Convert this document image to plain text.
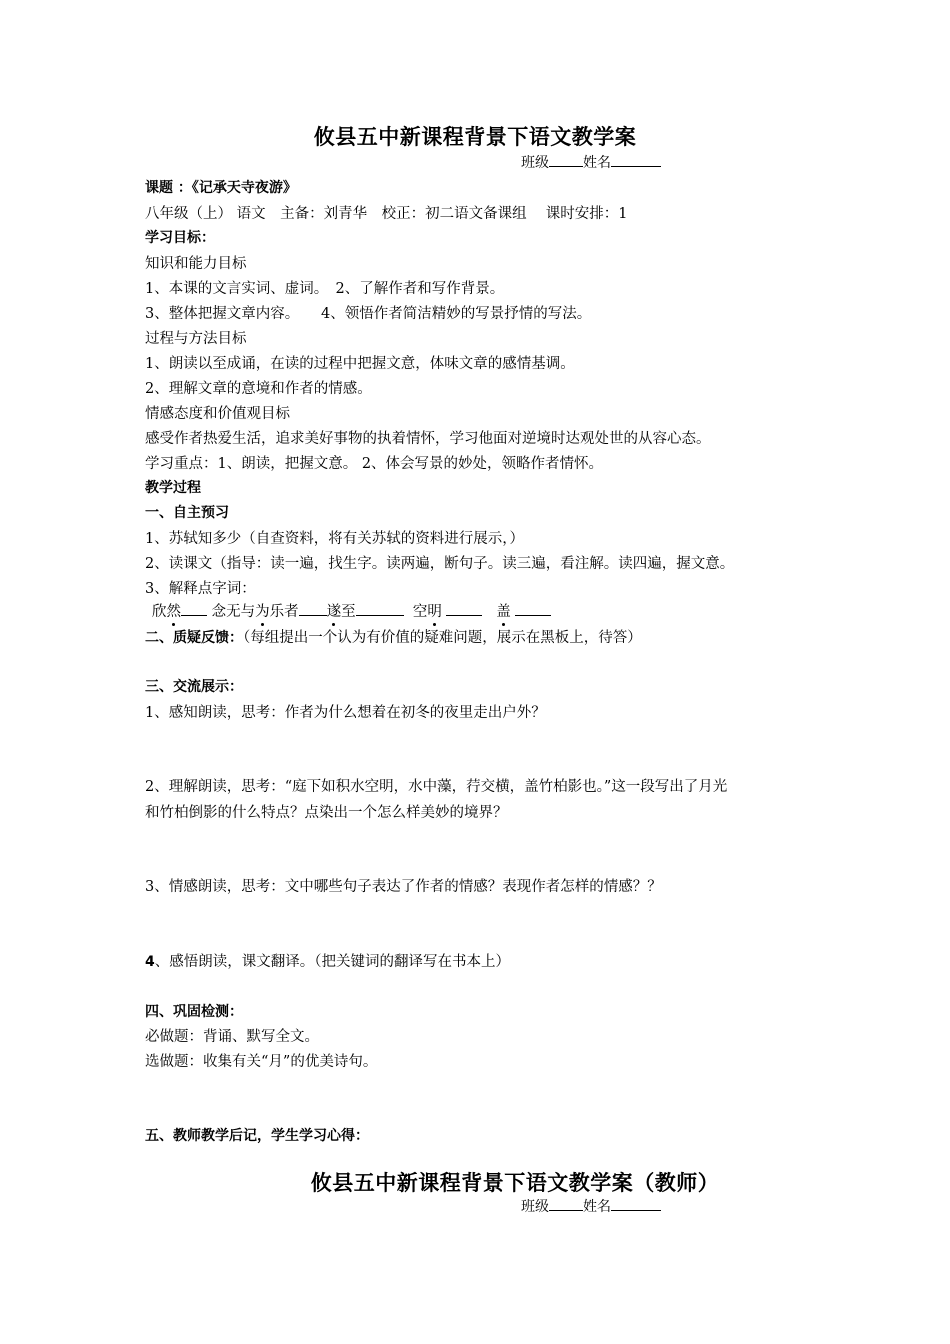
攸县五中新课程背景下语文教学案
班级 姓名
课题 ：《记承天寺夜游》
八年级（上） 语文　主备：刘青华　校正：初二语文备课组　 课时安排：1
学习目标：
知识和能力目标
1、本课的文言实词、虚词。　2、了解作者和写作背景。
3、整体把握文章内容。　　4、领悟作者简洁精妙的写景抒情的写法。
过程与方法目标
1、朗读以至成诵，在读的过程中把握文意，体味文章的感情基调。
2、理解文章的意境和作者的情感。
情感态度和价值观目标
感受作者热爱生活，追求美好事物的执着情怀，学习他面对逆境时达观处世的从容心态。
学习重点：1、朗读，把握文意。 2、体会写景的妙处，领略作者情怀。
教学过程
一、自主预习
1、苏轼知多少（自查资料，将有关苏轼的资料进行展示，）
2、读课文（指导：读一遍，找生字。读两遍，断句子。读三遍，看注解。读四遍，握文意。
3、解释点字词：
欣然 念无与为乐者 遂至	空明	盖
二、质疑反馈：（每组提出一个认为有价值的疑难问题，展示在黑板上，待答）
三、交流展示：
1、感知朗读，思考：作者为什么想着在初冬的夜里走出户外？
2、理解朗读，思考：“庭下如积水空明，水中藻，荇交横，盖竹柏影也。”这一段写出了月光
和竹柏倒影的什么特点？点染出一个怎么样美妙的境界？
3、情感朗读，思考：文中哪些句子表达了作者的情感？表现作者怎样的情感？？
4、感悟朗读，课文翻译。（把关键词的翻译写在书本上）
四、巩固检测：
必做题：背诵、默写全文。
选做题：收集有关“月”的优美诗句。
五、教师教学后记，学生学习心得：
攸县五中新课程背景下语文教学案（教师）
班级 姓名
